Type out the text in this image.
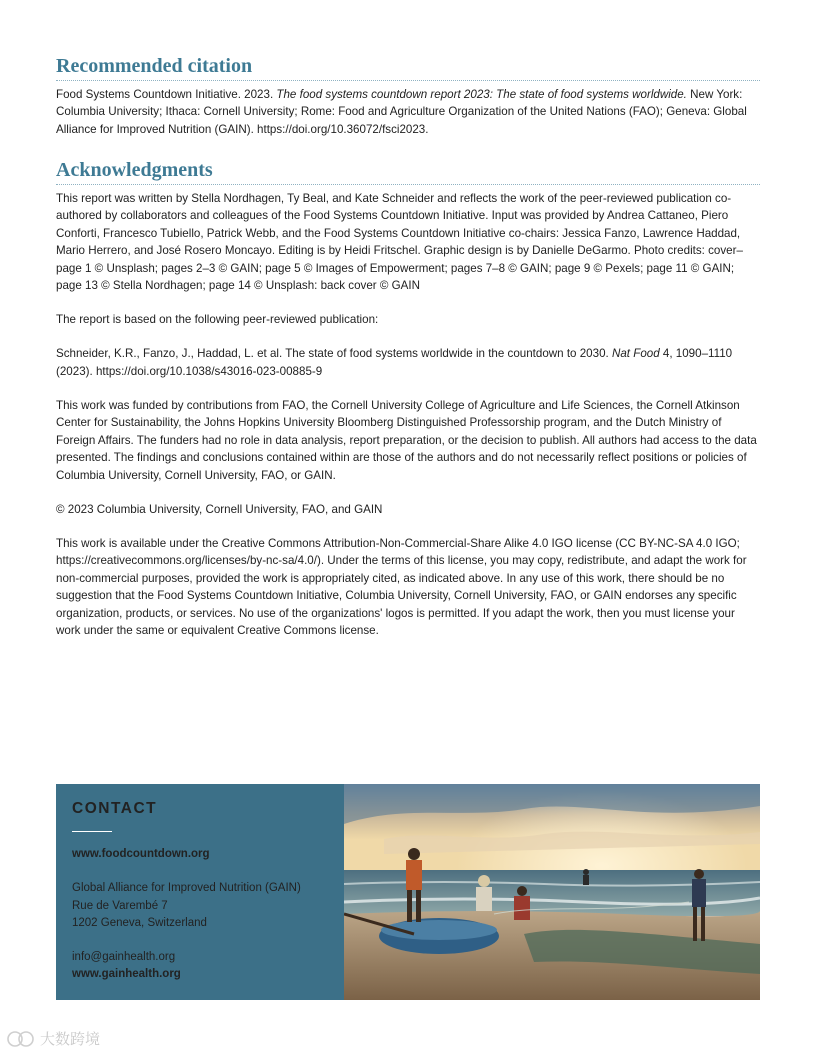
Recommended citation

Food Systems Countdown Initiative. 2023. The food systems countdown report 2023: The state of food systems worldwide. New York: Columbia University; Ithaca: Cornell University; Rome: Food and Agriculture Organization of the United Nations (FAO); Geneva: Global Alliance for Improved Nutrition (GAIN). https://doi.org/10.36072/fsci2023.

Acknowledgments

This report was written by Stella Nordhagen, Ty Beal, and Kate Schneider and reflects the work of the peer-reviewed publication co-authored by collaborators and colleagues of the Food Systems Countdown Initiative. Input was provided by Andrea Cattaneo, Piero Conforti, Francesco Tubiello, Patrick Webb, and the Food Systems Countdown Initiative co-chairs: Jessica Fanzo, Lawrence Haddad, Mario Herrero, and José Rosero Moncayo. Editing is by Heidi Fritschel. Graphic design is by Danielle DeGarmo. Photo credits: cover–page 1 © Unsplash; pages 2–3 © GAIN; page 5 © Images of Empowerment; pages 7–8 © GAIN; page 9 © Pexels; page 11 © GAIN; page 13 © Stella Nordhagen; page 14 © Unsplash: back cover © GAIN

The report is based on the following peer-reviewed publication:

Schneider, K.R., Fanzo, J., Haddad, L. et al. The state of food systems worldwide in the countdown to 2030. Nat Food 4, 1090–1110 (2023). https://doi.org/10.1038/s43016-023-00885-9

This work was funded by contributions from FAO, the Cornell University College of Agriculture and Life Sciences, the Cornell Atkinson Center for Sustainability, the Johns Hopkins University Bloomberg Distinguished Professorship program, and the Dutch Ministry of Foreign Affairs. The funders had no role in data analysis, report preparation, or the decision to publish. All authors had access to the data presented. The findings and conclusions contained within are those of the authors and do not necessarily reflect positions or policies of Columbia University, Cornell University, FAO, or GAIN.

© 2023 Columbia University, Cornell University, FAO, and GAIN

This work is available under the Creative Commons Attribution-Non-Commercial-Share Alike 4.0 IGO license (CC BY-NC-SA 4.0 IGO; https://creativecommons.org/licenses/by-nc-sa/4.0/). Under the terms of this license, you may copy, redistribute, and adapt the work for non-commercial purposes, provided the work is appropriately cited, as indicated above. In any use of this work, there should be no suggestion that the Food Systems Countdown Initiative, Columbia University, Cornell University, FAO, or GAIN endorses any specific organization, products, or services. No use of the organizations' logos is permitted. If you adapt the work, then you must license your work under the same or equivalent Creative Commons license.

CONTACT

www.foodcountdown.org

Global Alliance for Improved Nutrition (GAIN)

Rue de Varembé 7

1202 Geneva, Switzerland

info@gainhealth.org

www.gainhealth.org

大数跨境
